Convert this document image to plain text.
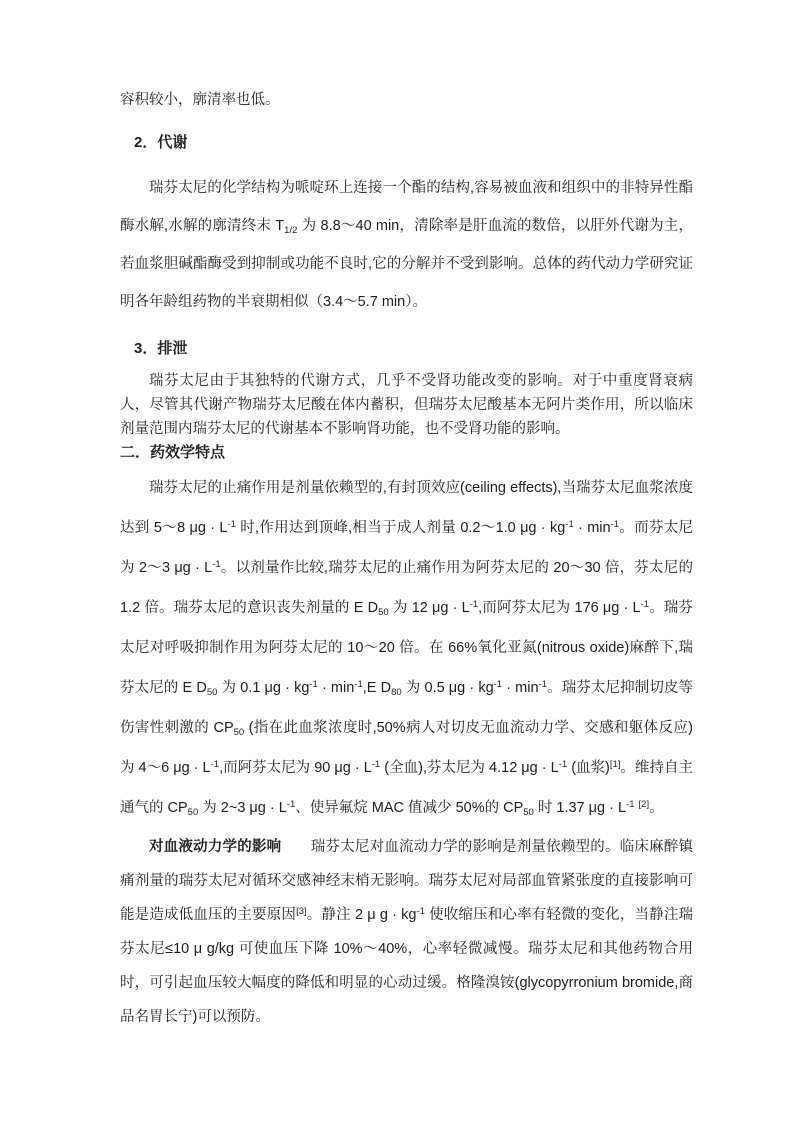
容积较小，廓清率也低。

2．代谢

瑞芬太尼的化学结构为哌啶环上连接一个酯的结构,容易被血液和组织中的非特异性酯酶水解,水解的廓清终末 $T_{1/2}$ 为 8.8～40 min，清除率是肝血流的数倍，以肝外代谢为主，若血浆胆碱酯酶受到抑制或功能不良时,它的分解并不受到影响。总体的药代动力学研究证明各年龄组药物的半衰期相似（3.4～5.7 min）。

3．排泄

瑞芬太尼由于其独特的代谢方式，几乎不受肾功能改变的影响。对于中重度肾衰病人，尽管其代谢产物瑞芬太尼酸在体内蓄积，但瑞芬太尼酸基本无阿片类作用，所以临床剂量范围内瑞芬太尼的代谢基本不影响肾功能，也不受肾功能的影响。

二．药效学特点

瑞芬太尼的止痛作用是剂量依赖型的,有封顶效应(ceiling effects),当瑞芬太尼血浆浓度达到 5～8 $\mu g \cdot L^{-1}$ 时,作用达到顶峰,相当于成人剂量 0.2～1.0 $\mu g \cdot kg^{-1} \cdot \min^{-1}$。而芬太尼为 2～3 $\mu g \cdot L^{-1}$。以剂量作比较,瑞芬太尼的止痛作用为阿芬太尼的 20～30 倍，芬太尼的 1.2 倍。瑞芬太尼的意识丧失剂量的 E $D_{50}$ 为 12 $\mu g \cdot L^{-1}$,而阿芬太尼为 176 $\mu g \cdot L^{-1}$。瑞芬太尼对呼吸抑制作用为阿芬太尼的 10～20 倍。在 66%氧化亚氮(nitrous oxide)麻醉下,瑞芬太尼的 E $D_{50}$ 为 0.1 $\mu g \cdot kg^{-1} \cdot \min^{-1},E$ $D_{80}$ 为 0.5 $\mu g \cdot kg^{-1} \cdot \min^{-1}$。瑞芬太尼抑制切皮等伤害性刺激的 $CP_{50}$ (指在此血浆浓度时,50%病人对切皮无血流动力学、交感和躯体反应)为 4～6 $\mu g \cdot L^{-1}$,而阿芬太尼为 90 $\mu g \cdot L^{-1}$ (全血),芬太尼为 4.12 $\mu g \cdot L^{-1}$ (血浆)[1]。维持自主通气的 $CP_{50}$ 为 2~3 $\mu g \cdot L^{-1}$、使异氟烷 MAC 值减少 50%的 $CP_{50}$ 时 1.37 $\mu g \cdot L^{-1}$ [2]。

对血液动力学的影响　　瑞芬太尼对血流动力学的影响是剂量依赖型的。临床麻醉镇痛剂量的瑞芬太尼对循环交感神经末梢无影响。瑞芬太尼对局部血管紧张度的直接影响可能是造成低血压的主要原因[3]。静注 2 μ $g \cdot kg^{-1}$ 使收缩压和心率有轻微的变化，当静注瑞芬太尼≤10 μ g/kg 可使血压下降 10%～40%，心率轻微减慢。瑞芬太尼和其他药物合用时，可引起血压较大幅度的降低和明显的心动过缓。格隆溴铵(glycopyrronium bromide,商品名胃长宁)可以预防。
